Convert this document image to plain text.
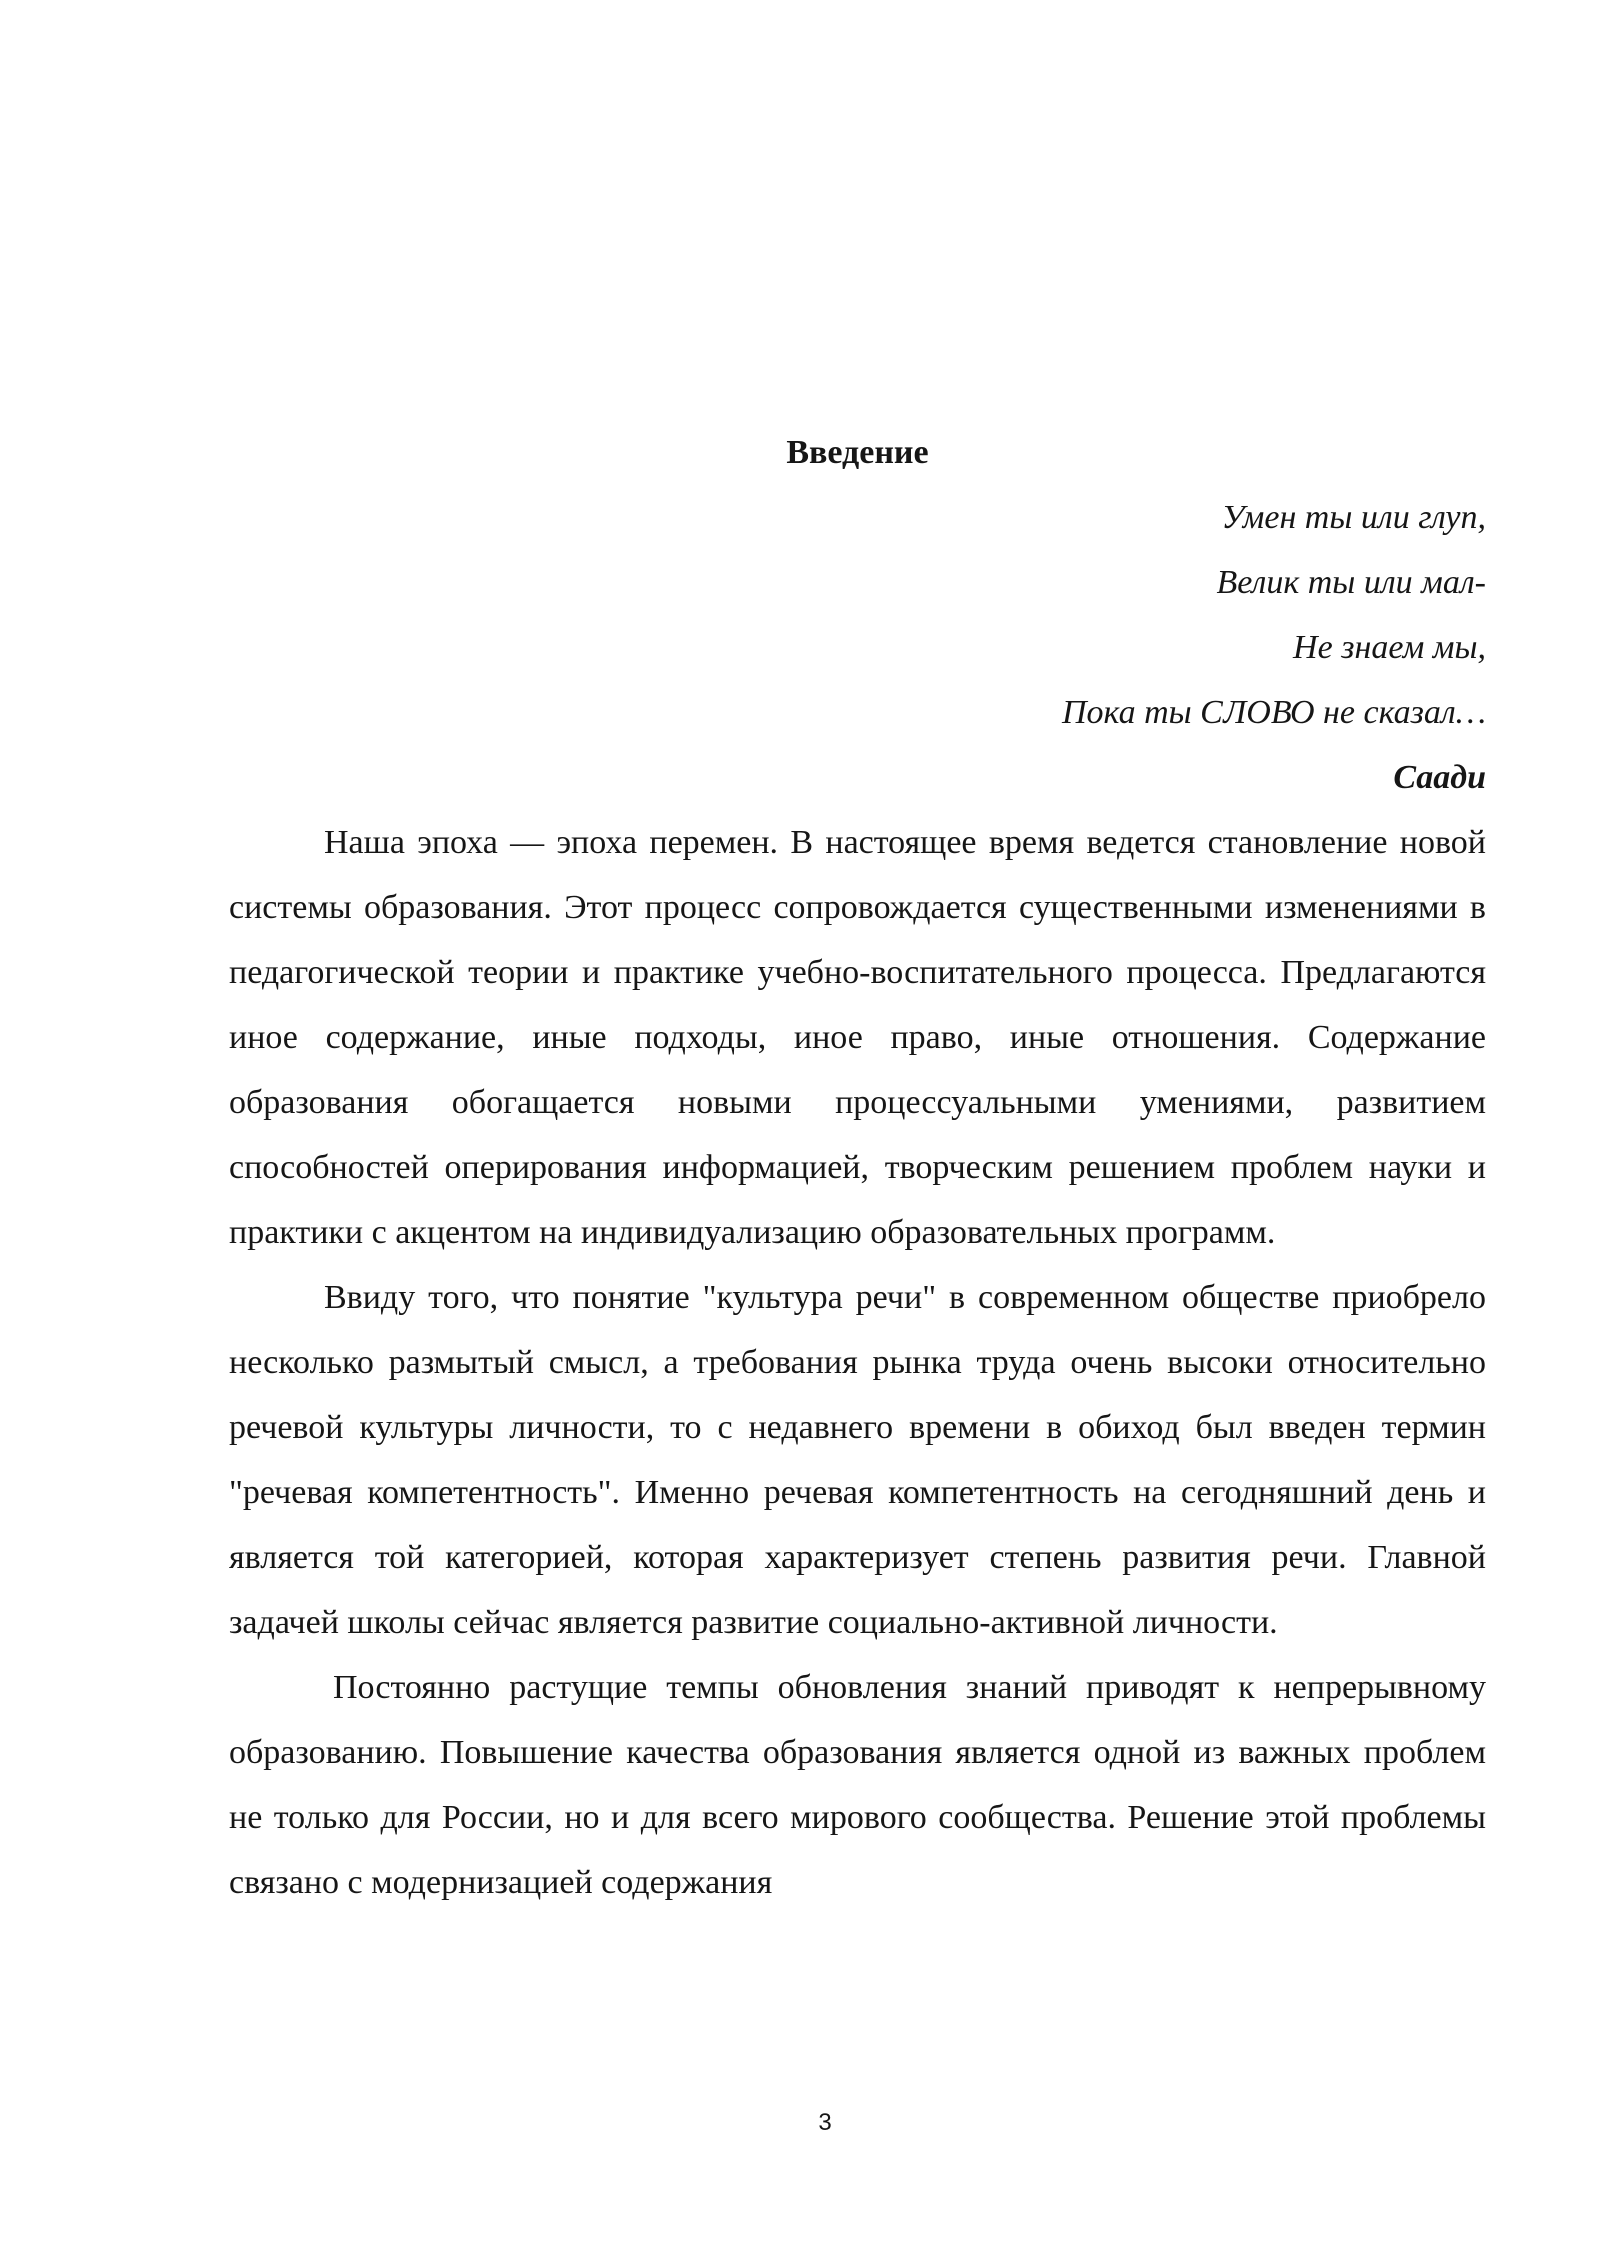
Введение
Умен ты или глуп,
Велик ты или мал-
Не знаем мы,
Пока ты СЛОВО не сказал…
Саади

Наша эпоха — эпоха перемен. В настоящее время ведется становление новой системы образования. Этот процесс сопровождается существенными изменениями в педагогической теории и практике учебно-воспитательного процесса. Предлагаются иное содержание, иные подходы, иное право, иные отношения. Содержание образования обогащается новыми процессуальными умениями, развитием способностей оперирования информацией, творческим решением проблем науки и практики с акцентом на индивидуализацию образовательных программ.

Ввиду того, что понятие "культура речи" в современном обществе приобрело несколько размытый смысл, а требования рынка труда очень высоки относительно речевой культуры личности, то с недавнего времени в обиход был введен термин "речевая компетентность". Именно речевая компетентность на сегодняшний день и является той категорией, которая характеризует степень развития речи. Главной задачей школы сейчас является развитие социально-активной личности.

Постоянно растущие темпы обновления знаний приводят к непрерывному образованию. Повышение качества образования является одной из важных проблем не только для России, но и для всего мирового сообщества. Решение этой проблемы связано с модернизацией содержания

3
